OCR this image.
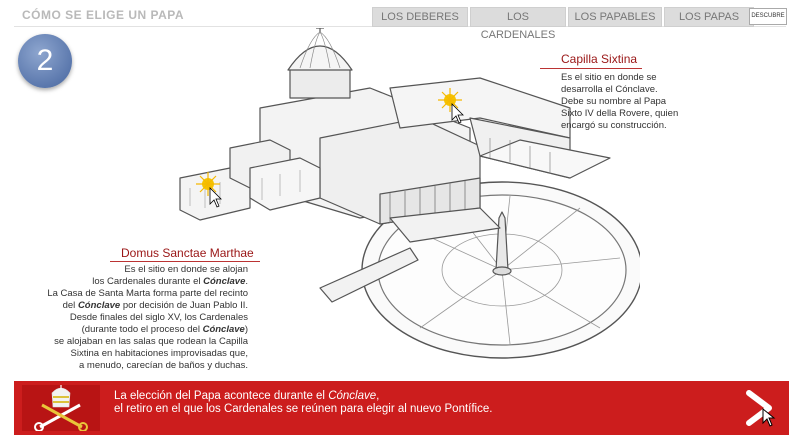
CÓMO SE ELIGE UN PAPA	LOS DEBERES	LOS CARDENALES
LOS PAPABLES	LOS PAPAS	DESCUBRE
2	Capilla Sixtina
Es el sitio en donde se
desarrolla el Cónclave.
Debe su nombre al Papa
Sixto IV della Rovere, quien
encargó su construcción.
Domus Sanctae Marthae
Es el sitio en donde se alojan
los Cardenales durante el Cónclave.
La Casa de Santa Marta forma parte del recinto
del Cónclave por decisión de Juan Pablo II.
Desde finales del siglo XV, los Cardenales
(durante todo el proceso del Cónclave)
se alojaban en las salas que rodean la Capilla
Sixtina en habitaciones improvisadas que,
a menudo, carecían de baños y duchas.
La elección del Papa acontece durante el Cónclave,
el retiro en el que los Cardenales se reúnen para elegir al nuevo Pontífice.
